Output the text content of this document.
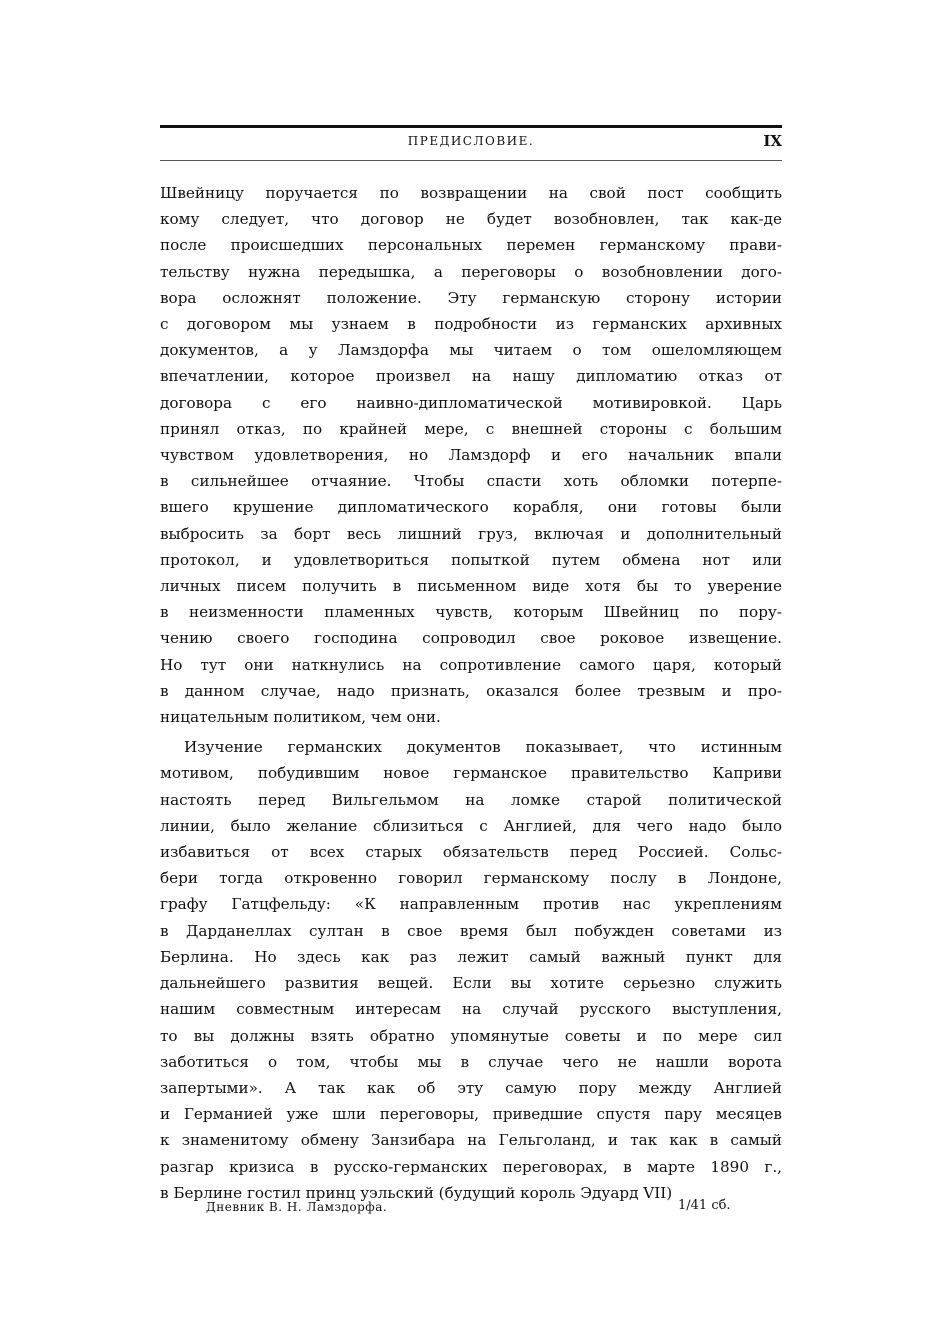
ПРЕДИСЛОВИЕ.	IX
Швейницу поручается по возвращении на свой пост сообщить
кому следует, что договор не будет возобновлен, так как-де
после происшедших персональных перемен германскому прави-
тельству нужна передышка, а переговоры о возобновлении дого-
вора осложнят положение. Эту германскую сторону истории
с договором мы узнаем в подробности из германских архивных
документов, а у Ламздорфа мы читаем о том ошеломляющем
впечатлении, которое произвел на нашу дипломатию отказ от
договора с его наивно-дипломатической мотивировкой. Царь
принял отказ, по крайней мере, с внешней стороны с большим
чувством удовлетворения, но Ламздорф и его начальник впали
в сильнейшее отчаяние. Чтобы спасти хоть обломки потерпе-
вшего крушение дипломатического корабля, они готовы были
выбросить за борт весь лишний груз, включая и дополнительный
протокол, и удовлетвориться попыткой путем обмена нот или
личных писем получить в письменном виде хотя бы то уверение
в неизменности пламенных чувств, которым Швейниц по пору-
чению своего господина сопроводил свое роковое извещение.
Но тут они наткнулись на сопротивление самого царя, который
в данном случае, надо признать, оказался более трезвым и про-
ницательным политиком, чем они.
Изучение германских документов показывает, что истинным
мотивом, побудившим новое германское правительство Каприви
настоять перед Вильгельмом на ломке старой политической
линии, было желание сблизиться с Англией, для чего надо было
избавиться от всех старых обязательств перед Россией. Сольс-
бери тогда откровенно говорил германскому послу в Лондоне,
графу Гатцфельду: «К направленным против нас укреплениям
в Дарданеллах султан в свое время был побужден советами из
Берлина. Но здесь как раз лежит самый важный пункт для
дальнейшего развития вещей. Если вы хотите серьезно служить
нашим совместным интересам на случай русского выступления,
то вы должны взять обратно упомянутые советы и по мере сил
заботиться о том, чтобы мы в случае чего не нашли ворота
запертыми». А так как об эту самую пору между Англией
и Германией уже шли переговоры, приведшие спустя пару месяцев
к знаменитому обмену Занзибара на Гельголанд, и так как в самый
разгар кризиса в русско-германских переговорах, в марте 1890 г.,
в Берлине гостил принц уэльский (будущий король Эдуард VII)
Дневник В. Н. Ламздорфа.	1/41 сб.
